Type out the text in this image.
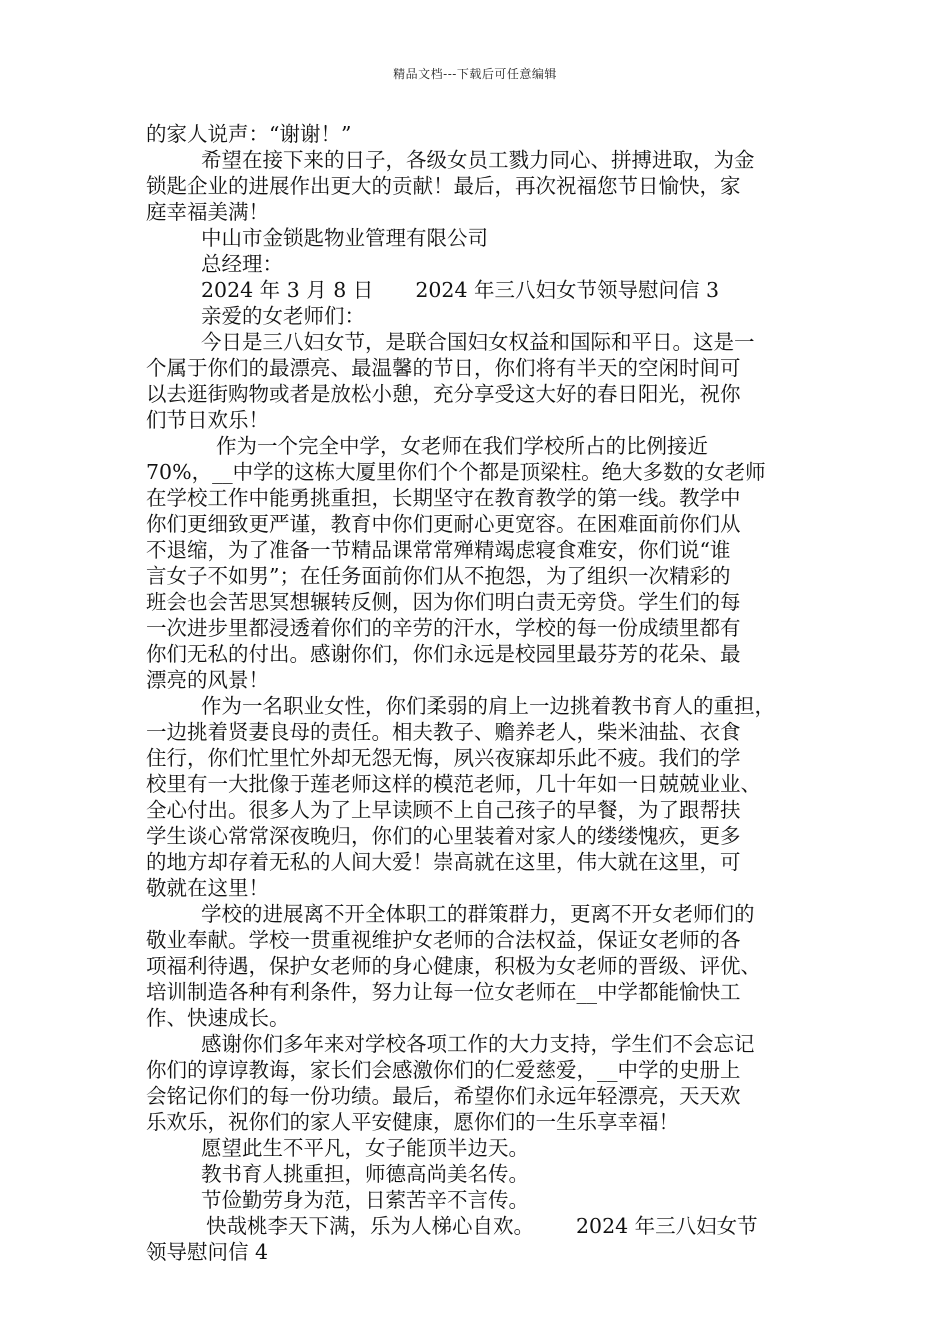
精品文档---下载后可任意编辑
的家人说声：“谢谢！”
希望在接下来的日子，各级女员工戮力同心、拼搏进取，为金
锁匙企业的进展作出更大的贡献！最后，再次祝福您节日愉快，家
庭幸福美满！
中山市金锁匙物业管理有限公司
总经理：
2024 年 3 月 8 日 2024 年三八妇女节领导慰问信 3
亲爱的女老师们：
今日是三八妇女节，是联合国妇女权益和国际和平日。这是一
个属于你们的最漂亮、最温馨的节日，你们将有半天的空闲时间可
以去逛街购物或者是放松小憩，充分享受这大好的春日阳光，祝你
们节日欢乐！
作为一个完全中学，女老师在我们学校所占的比例接近
70%，__中学的这栋大厦里你们个个都是顶梁柱。绝大多数的女老师
在学校工作中能勇挑重担，长期坚守在教育教学的第一线。教学中
你们更细致更严谨，教育中你们更耐心更宽容。在困难面前你们从
不退缩，为了准备一节精品课常常殚精竭虑寝食难安，你们说“谁
言女子不如男”；在任务面前你们从不抱怨，为了组织一次精彩的
班会也会苦思冥想辗转反侧，因为你们明白责无旁贷。学生们的每
一次进步里都浸透着你们的辛劳的汗水，学校的每一份成绩里都有
你们无私的付出。感谢你们，你们永远是校园里最芬芳的花朵、最
漂亮的风景！
作为一名职业女性，你们柔弱的肩上一边挑着教书育人的重担，
一边挑着贤妻良母的责任。相夫教子、赡养老人，柴米油盐、衣食
住行，你们忙里忙外却无怨无悔，夙兴夜寐却乐此不疲。我们的学
校里有一大批像于莲老师这样的模范老师，几十年如一日兢兢业业、
全心付出。很多人为了上早读顾不上自己孩子的早餐，为了跟帮扶
学生谈心常常深夜晚归，你们的心里装着对家人的缕缕愧疚，更多
的地方却存着无私的人间大爱！崇高就在这里，伟大就在这里，可
敬就在这里！
学校的进展离不开全体职工的群策群力，更离不开女老师们的
敬业奉献。学校一贯重视维护女老师的合法权益，保证女老师的各
项福利待遇，保护女老师的身心健康，积极为女老师的晋级、评优、
培训制造各种有利条件，努力让每一位女老师在__中学都能愉快工
作、快速成长。
感谢你们多年来对学校各项工作的大力支持，学生们不会忘记
你们的谆谆教诲，家长们会感激你们的仁爱慈爱，__中学的史册上
会铭记你们的每一份功绩。最后，希望你们永远年轻漂亮，天天欢
乐欢乐，祝你们的家人平安健康，愿你们的一生乐享幸福！
愿望此生不平凡，女子能顶半边天。
教书育人挑重担，师德高尚美名传。
节俭勤劳身为范，日萦苦辛不言传。
快哉桃李天下满，乐为人梯心自欢。 2024 年三八妇女节
领导慰问信 4
